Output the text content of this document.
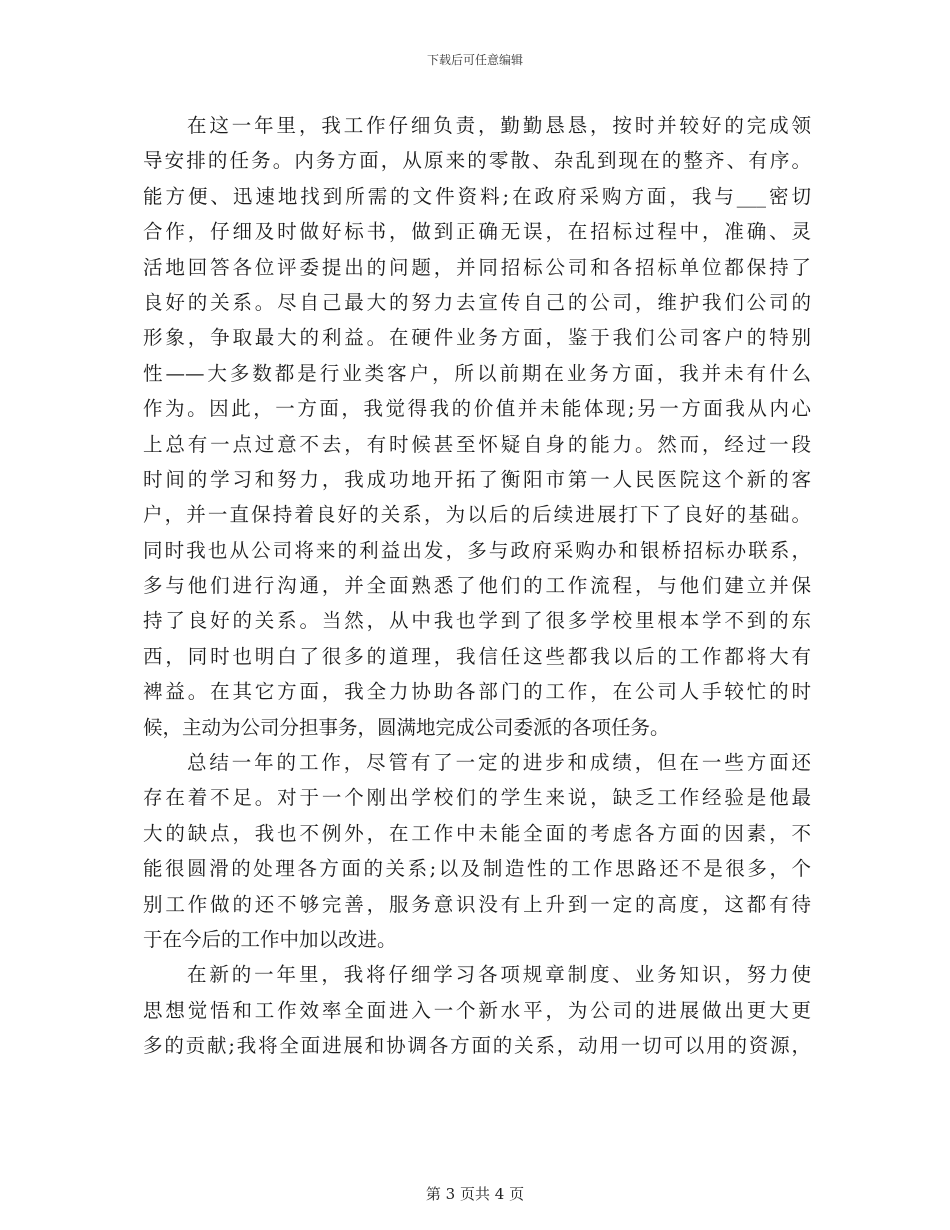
下载后可任意编辑
在这一年里，我工作仔细负责，勤勤恳恳，按时并较好的完成领
导安排的任务。内务方面，从原来的零散、杂乱到现在的整齐、有序。
能方便、迅速地找到所需的文件资料;在政府采购方面，我与___密切
合作，仔细及时做好标书，做到正确无误，在招标过程中，准确、灵
活地回答各位评委提出的问题，并同招标公司和各招标单位都保持了
良好的关系。尽自己最大的努力去宣传自己的公司，维护我们公司的
形象，争取最大的利益。在硬件业务方面，鉴于我们公司客户的特别
性——大多数都是行业类客户，所以前期在业务方面，我并未有什么
作为。因此，一方面，我觉得我的价值并未能体现;另一方面我从内心
上总有一点过意不去，有时候甚至怀疑自身的能力。然而，经过一段
时间的学习和努力，我成功地开拓了衡阳市第一人民医院这个新的客
户，并一直保持着良好的关系，为以后的后续进展打下了良好的基础。
同时我也从公司将来的利益出发，多与政府采购办和银桥招标办联系，
多与他们进行沟通，并全面熟悉了他们的工作流程，与他们建立并保
持了良好的关系。当然，从中我也学到了很多学校里根本学不到的东
西，同时也明白了很多的道理，我信任这些都我以后的工作都将大有
裨益。在其它方面，我全力协助各部门的工作，在公司人手较忙的时
候，主动为公司分担事务，圆满地完成公司委派的各项任务。
总结一年的工作，尽管有了一定的进步和成绩，但在一些方面还
存在着不足。对于一个刚出学校们的学生来说，缺乏工作经验是他最
大的缺点，我也不例外，在工作中未能全面的考虑各方面的因素，不
能很圆滑的处理各方面的关系;以及制造性的工作思路还不是很多，个
别工作做的还不够完善，服务意识没有上升到一定的高度，这都有待
于在今后的工作中加以改进。
在新的一年里，我将仔细学习各项规章制度、业务知识，努力使
思想觉悟和工作效率全面进入一个新水平，为公司的进展做出更大更
多的贡献;我将全面进展和协调各方面的关系，动用一切可以用的资源，
第 3 页共 4 页
